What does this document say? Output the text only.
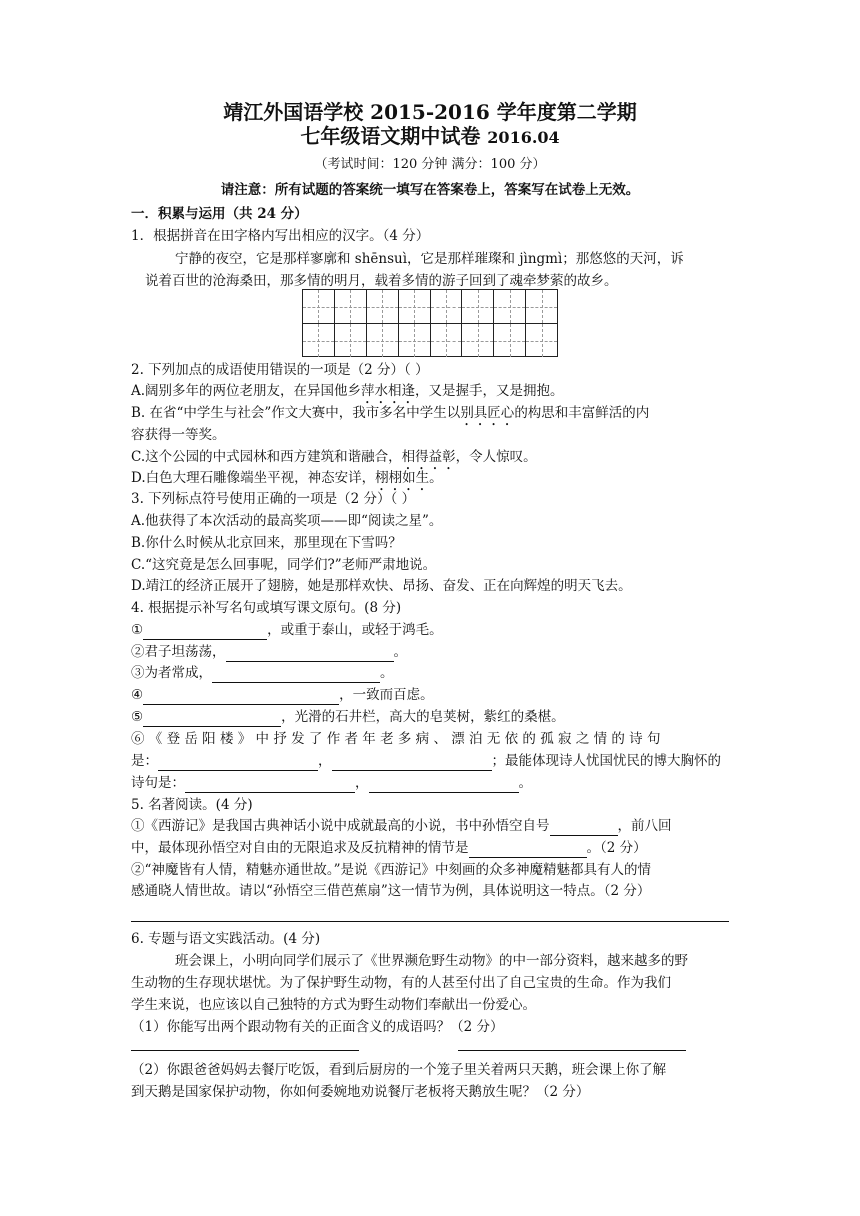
靖江外国语学校 2015-2016 学年度第二学期
七年级语文期中试卷 2016.04
（考试时间：120 分钟 满分：100 分）
请注意：所有试题的答案统一填写在答案卷上，答案写在试卷上无效。
一．积累与运用（共 24 分）
1．根据拼音在田字格内写出相应的汉字。（4 分）
宁静的夜空，它是那样寥廓和 shēnsuì，它是那样璀璨和 jìngmì；那悠悠的天河，诉
说着百世的沧海桑田，那多情的明月，载着多情的游子回到了魂牵梦萦的故乡。
2. 下列加点的成语使用错误的一项是（2 分）（ ）
A.阔别多年的两位老朋友，在异国他乡萍水相逢，又是握手，又是拥抱。
B. 在省“中学生与社会”作文大赛中，我市多名中学生以别具匠心的构思和丰富鲜活的内
容获得一等奖。
C.这个公园的中式园林和西方建筑和谐融合，相得益彰，令人惊叹。
D.白色大理石雕像端坐平视，神态安详，栩栩如生。
3. 下列标点符号使用正确的一项是（2 分）（ ）
A.他获得了本次活动的最高奖项——即“阅读之星”。
B.你什么时候从北京回来，那里现在下雪吗？
C.“这究竟是怎么回事呢，同学们?”老师严肃地说。
D.靖江的经济正展开了翅膀，她是那样欢快、昂扬、奋发、正在向辉煌的明天飞去。
4. 根据提示补写名句或填写课文原句。(8 分)
①	，或重于泰山，或轻于鸿毛。
②君子坦荡荡，	。
③为者常成，	。
④	，一致而百虑。
⑤	，光滑的石井栏，高大的皂荚树，紫红的桑椹。
⑥ 《 登 岳 阳 楼 》 中 抒 发 了 作 者 年 老 多 病 、 漂 泊 无 依 的 孤 寂 之 情 的 诗 句
是：	，	；最能体现诗人忧国忧民的博大胸怀的
诗句是：	，	。
5. 名著阅读。(4 分)
①《西游记》是我国古典神话小说中成就最高的小说，书中孙悟空自号	，前八回
中，最体现孙悟空对自由的无限追求及反抗精神的情节是	。（2 分）
②“神魔皆有人情，精魅亦通世故。”是说《西游记》中刻画的众多神魔精魅都具有人的情
感通晓人情世故。请以“孙悟空三借芭蕉扇”这一情节为例，具体说明这一特点。（2 分）
6. 专题与语文实践活动。(4 分)
班会课上，小明向同学们展示了《世界濒危野生动物》的中一部分资料，越来越多的野
生动物的生存现状堪忧。为了保护野生动物，有的人甚至付出了自己宝贵的生命。作为我们
学生来说，也应该以自己独特的方式为野生动物们奉献出一份爱心。
（1）你能写出两个跟动物有关的正面含义的成语吗？（2 分）
（2）你跟爸爸妈妈去餐厅吃饭，看到后厨房的一个笼子里关着两只天鹅，班会课上你了解
到天鹅是国家保护动物，你如何委婉地劝说餐厅老板将天鹅放生呢？（2 分）
